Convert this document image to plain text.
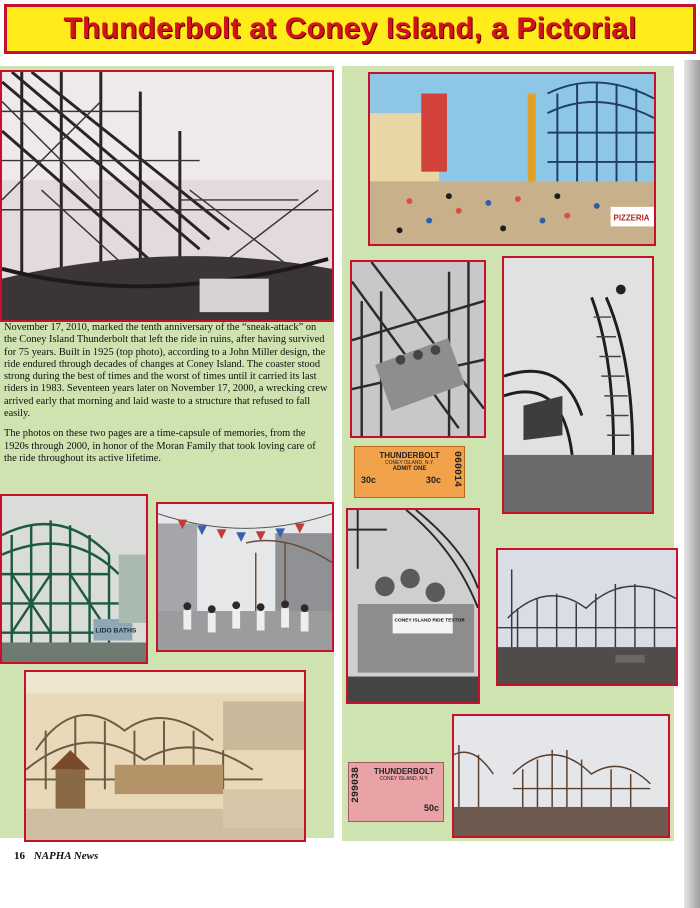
Thunderbolt at Coney Island, a Pictorial

November 17, 2010, marked the tenth anniversary of the “sneak-attack” on the Coney Island Thunderbolt that left the ride in ruins, after having survived for 75 years. Built in 1925 (top photo), according to a John Miller design, the ride endured through decades of changes at Coney Island. The coaster stood strong during the best of times and the worst of times until it carried its last riders in 1983. Seventeen years later on November 17, 2000, a wrecking crew arrived early that morning and laid waste to a structure that refused to fall easily.

The photos on these two pages are a time-capsule of memories, from the 1920s through 2000, in honor of the Moran Family that took loving care of the ride throughout its active lifetime.

LIDO BATHS
PIZZERIA
THUNDERBOLT
CONEY ISLAND, N.Y.
ADMIT ONE
30c	30c 060014
CONEY ISLAND RIDE TESTOR
299038	THUNDERBOLT
CONEY ISLAND, N.Y.
50c
16 NAPHA News
